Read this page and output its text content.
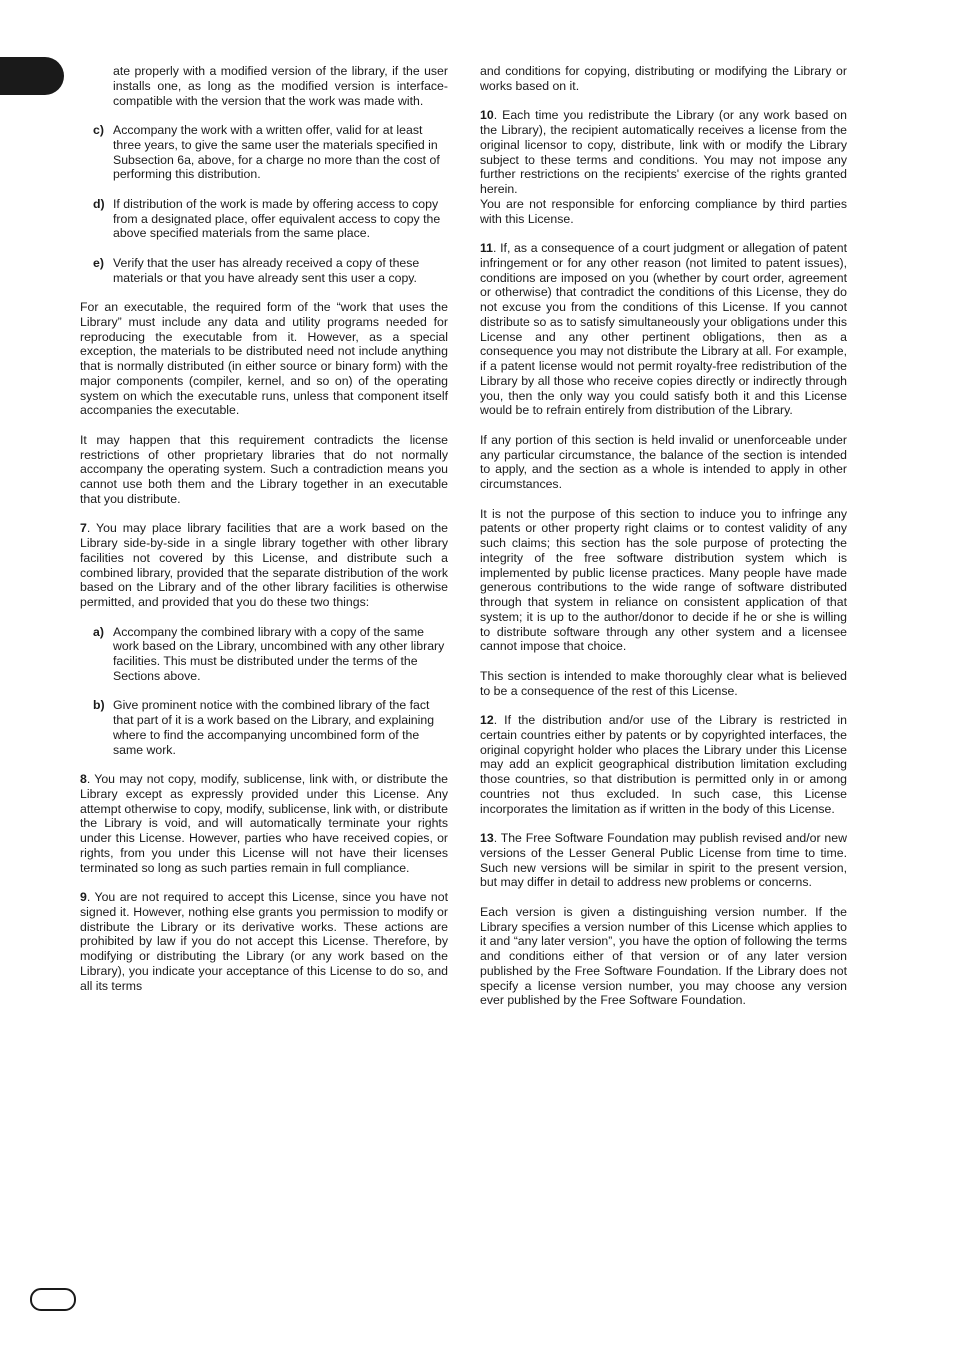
ate properly with a modified version of the library, if the user installs one, as long as the modified version is interface-compatible with the version that the work was made with.

c) Accompany the work with a written offer, valid for at least three years, to give the same user the materials specified in Subsection 6a, above, for a charge no more than the cost of performing this distribution.
d) If distribution of the work is made by offering access to copy from a designated place, offer equivalent access to copy the above specified materials from the same place.
e) Verify that the user has already received a copy of these materials or that you have already sent this user a copy.

For an executable, the required form of the “work that uses the Library” must include any data and utility programs needed for reproducing the executable from it. However, as a special exception, the materials to be distributed need not include anything that is normally distributed (in either source or binary form) with the major components (compiler, kernel, and so on) of the operating system on which the executable runs, unless that component itself accompanies the executable.

It may happen that this requirement contradicts the license restrictions of other proprietary libraries that do not normally accompany the operating system. Such a contradiction means you cannot use both them and the Library together in an executable that you distribute.

7. You may place library facilities that are a work based on the Library side-by-side in a single library together with other library facilities not covered by this License, and distribute such a combined library, provided that the separate distribution of the work based on the Library and of the other library facilities is otherwise permitted, and provided that you do these two things:

a) Accompany the combined library with a copy of the same work based on the Library, uncombined with any other library facilities. This must be distributed under the terms of the Sections above.
b) Give prominent notice with the combined library of the fact that part of it is a work based on the Library, and explaining where to find the accompanying uncombined form of the same work.

8. You may not copy, modify, sublicense, link with, or distribute the Library except as expressly provided under this License. Any attempt otherwise to copy, modify, sublicense, link with, or distribute the Library is void, and will automatically terminate your rights under this License. However, parties who have received copies, or rights, from you under this License will not have their licenses terminated so long as such parties remain in full compliance.

9. You are not required to accept this License, since you have not signed it. However, nothing else grants you permission to modify or distribute the Library or its derivative works. These actions are prohibited by law if you do not accept this License. Therefore, by modifying or distributing the Library (or any work based on the Library), you indicate your acceptance of this License to do so, and all its terms

and conditions for copying, distributing or modifying the Library or works based on it.

10. Each time you redistribute the Library (or any work based on the Library), the recipient automatically receives a license from the original licensor to copy, distribute, link with or modify the Library subject to these terms and conditions. You may not impose any further restrictions on the recipients' exercise of the rights granted herein.
You are not responsible for enforcing compliance by third parties with this License.

11. If, as a consequence of a court judgment or allegation of patent infringement or for any other reason (not limited to patent issues), conditions are imposed on you (whether by court order, agreement or otherwise) that contradict the conditions of this License, they do not excuse you from the conditions of this License. If you cannot distribute so as to satisfy simultaneously your obligations under this License and any other pertinent obligations, then as a consequence you may not distribute the Library at all. For example, if a patent license would not permit royalty-free redistribution of the Library by all those who receive copies directly or indirectly through you, then the only way you could satisfy both it and this License would be to refrain entirely from distribution of the Library.

If any portion of this section is held invalid or unenforceable under any particular circumstance, the balance of the section is intended to apply, and the section as a whole is intended to apply in other circumstances.

It is not the purpose of this section to induce you to infringe any patents or other property right claims or to contest validity of any such claims; this section has the sole purpose of protecting the integrity of the free software distribution system which is implemented by public license practices. Many people have made generous contributions to the wide range of software distributed through that system in reliance on consistent application of that system; it is up to the author/donor to decide if he or she is willing to distribute software through any other system and a licensee cannot impose that choice.

This section is intended to make thoroughly clear what is believed to be a consequence of the rest of this License.

12. If the distribution and/or use of the Library is restricted in certain countries either by patents or by copyrighted interfaces, the original copyright holder who places the Library under this License may add an explicit geographical distribution limitation excluding those countries, so that distribution is permitted only in or among countries not thus excluded. In such case, this License incorporates the limitation as if written in the body of this License.

13. The Free Software Foundation may publish revised and/or new versions of the Lesser General Public License from time to time. Such new versions will be similar in spirit to the present version, but may differ in detail to address new problems or concerns.

Each version is given a distinguishing version number. If the Library specifies a version number of this License which applies to it and “any later version”, you have the option of following the terms and conditions either of that version or of any later version published by the Free Software Foundation. If the Library does not specify a license version number, you may choose any version ever published by the Free Software Foundation.
